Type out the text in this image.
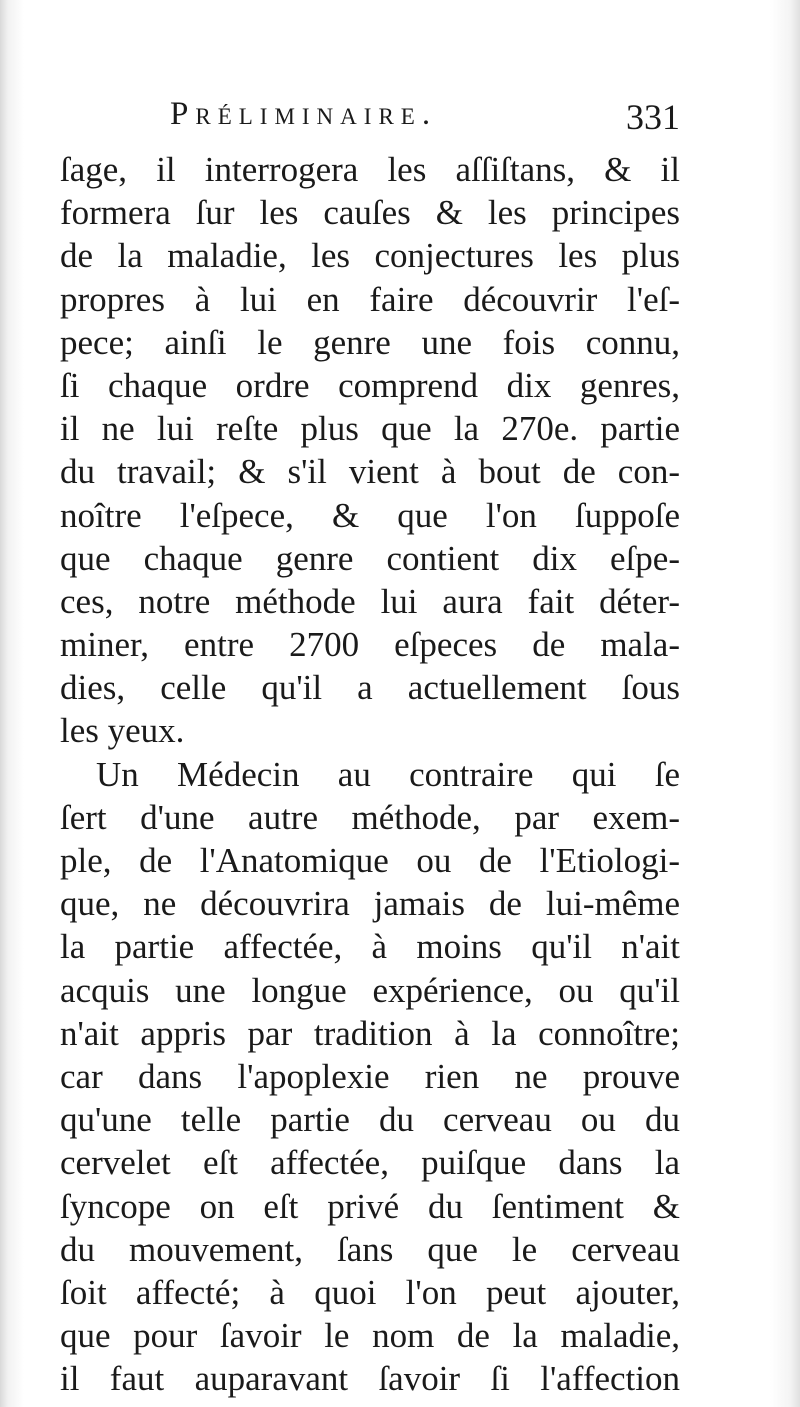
Préliminaire.	331
ſage, il interrogera les aſſiſtans, & il
formera ſur les cauſes & les principes
de la maladie, les conjectures les plus
propres à lui en faire découvrir l'eſ-
pece; ainſi le genre une fois connu,
ſi chaque ordre comprend dix genres,
il ne lui reſte plus que la 270e. partie
du travail; & s'il vient à bout de con-
noître l'eſpece, & que l'on ſuppoſe
que chaque genre contient dix eſpe-
ces, notre méthode lui aura fait déter-
miner, entre 2700 eſpeces de mala-
dies, celle qu'il a actuellement ſous
les yeux.
Un Médecin au contraire qui ſe
ſert d'une autre méthode, par exem-
ple, de l'Anatomique ou de l'Etiologi-
que, ne découvrira jamais de lui-même
la partie affectée, à moins qu'il n'ait
acquis une longue expérience, ou qu'il
n'ait appris par tradition à la connoître;
car dans l'apoplexie rien ne prouve
qu'une telle partie du cerveau ou du
cervelet eſt affectée, puiſque dans la
ſyncope on eſt privé du ſentiment &
du mouvement, ſans que le cerveau
ſoit affecté; à quoi l'on peut ajouter,
que pour ſavoir le nom de la maladie,
il faut auparavant ſavoir ſi l'affection
